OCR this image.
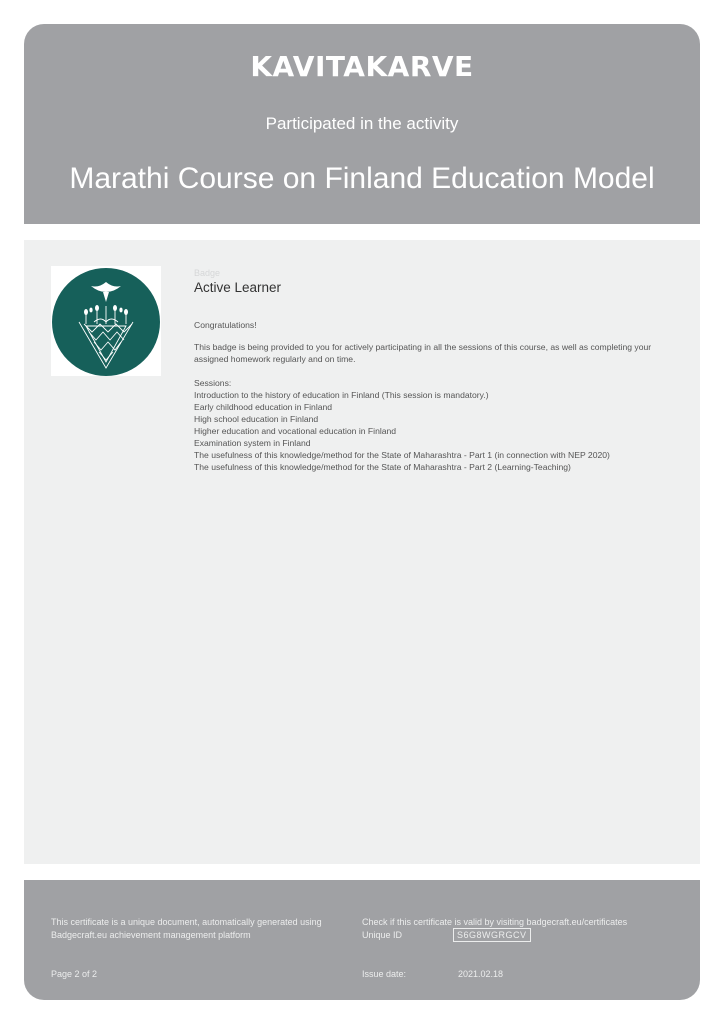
KAVITAKARVE
Participated in the activity
Marathi Course on Finland Education Model
Badge
Active Learner
Congratulations!
This badge is being provided to you for actively participating in all the sessions of this course, as well as completing your assigned homework regularly and on time.
Sessions:
Introduction to the history of education in Finland (This session is mandatory.)
Early childhood education in Finland
High school education in Finland
Higher education and vocational education in Finland
Examination system in Finland
The usefulness of this knowledge/method for the State of Maharashtra - Part 1 (in connection with NEP 2020)
The usefulness of this knowledge/method for the State of Maharashtra - Part 2 (Learning-Teaching)
This certificate is a unique document, automatically generated using Badgecraft.eu achievement management platform
Check if this certificate is valid by visiting badgecraft.eu/certificates
Unique ID	S6G8WGRGCV
Page 2 of 2	Issue date:	2021.02.18
